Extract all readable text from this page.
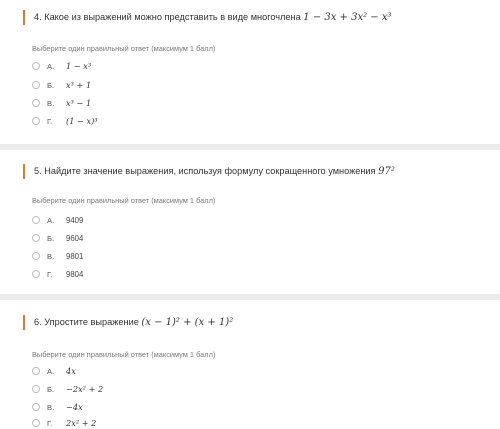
4. Какое из выражений можно представить в виде многочлена 1 − 3x + 3x² − x³
Выберите один правильный ответ (максимум 1 балл)
А.	1 − x³
Б.	x³ + 1
В.	x³ − 1
Г.	(1 − x)³
5. Найдите значение выражения, используя формулу сокращенного умножения 97²
Выберите один правильный ответ (максимум 1 балл)
А.	9409
Б.	9604
В.	9801
Г.	9804
6. Упростите выражение (x − 1)² + (x + 1)²
Выберите один правильный ответ (максимум 1 балл)
А.	4x
Б.	−2x² + 2
В.	−4x
Г.	2x² + 2
